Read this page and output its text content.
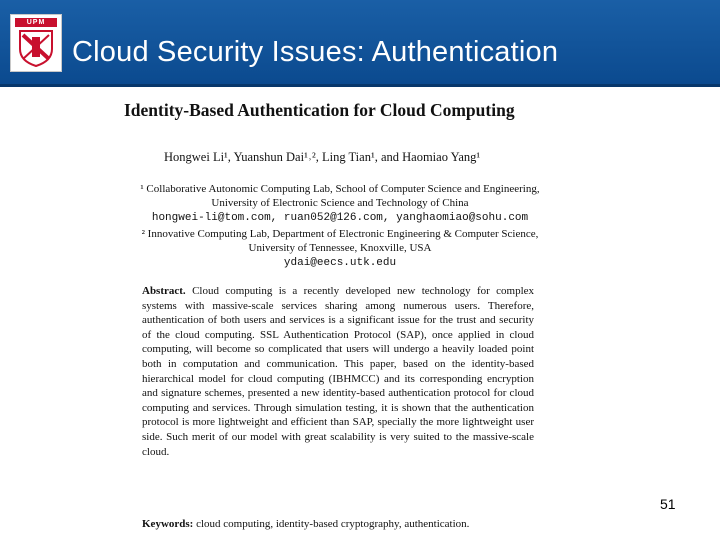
UPM
Cloud Security Issues: Authentication
Identity-Based Authentication for Cloud Computing
Hongwei Li¹, Yuanshun Dai¹˒², Ling Tian¹, and Haomiao Yang¹
¹ Collaborative Autonomic Computing Lab, School of Computer Science and Engineering,
University of Electronic Science and Technology of China
hongwei-li@tom.com, ruan052@126.com, yanghaomiao@sohu.com
² Innovative Computing Lab, Department of Electronic Engineering & Computer Science,
University of Tennessee, Knoxville, USA
ydai@eecs.utk.edu
Abstract. Cloud computing is a recently developed new technology for complex systems with massive-scale services sharing among numerous users. Therefore, authentication of both users and services is a significant issue for the trust and security of the cloud computing. SSL Authentication Protocol (SAP), once applied in cloud computing, will become so complicated that users will undergo a heavily loaded point both in computation and communication. This paper, based on the identity-based hierarchical model for cloud computing (IBHMCC) and its corresponding encryption and signature schemes, presented a new identity-based authentication protocol for cloud computing and services. Through simulation testing, it is shown that the authentication protocol is more lightweight and efficient than SAP, specially the more lightweight user side. Such merit of our model with great scalability is very suited to the massive-scale cloud.
Keywords: cloud computing, identity-based cryptography, authentication.
51
